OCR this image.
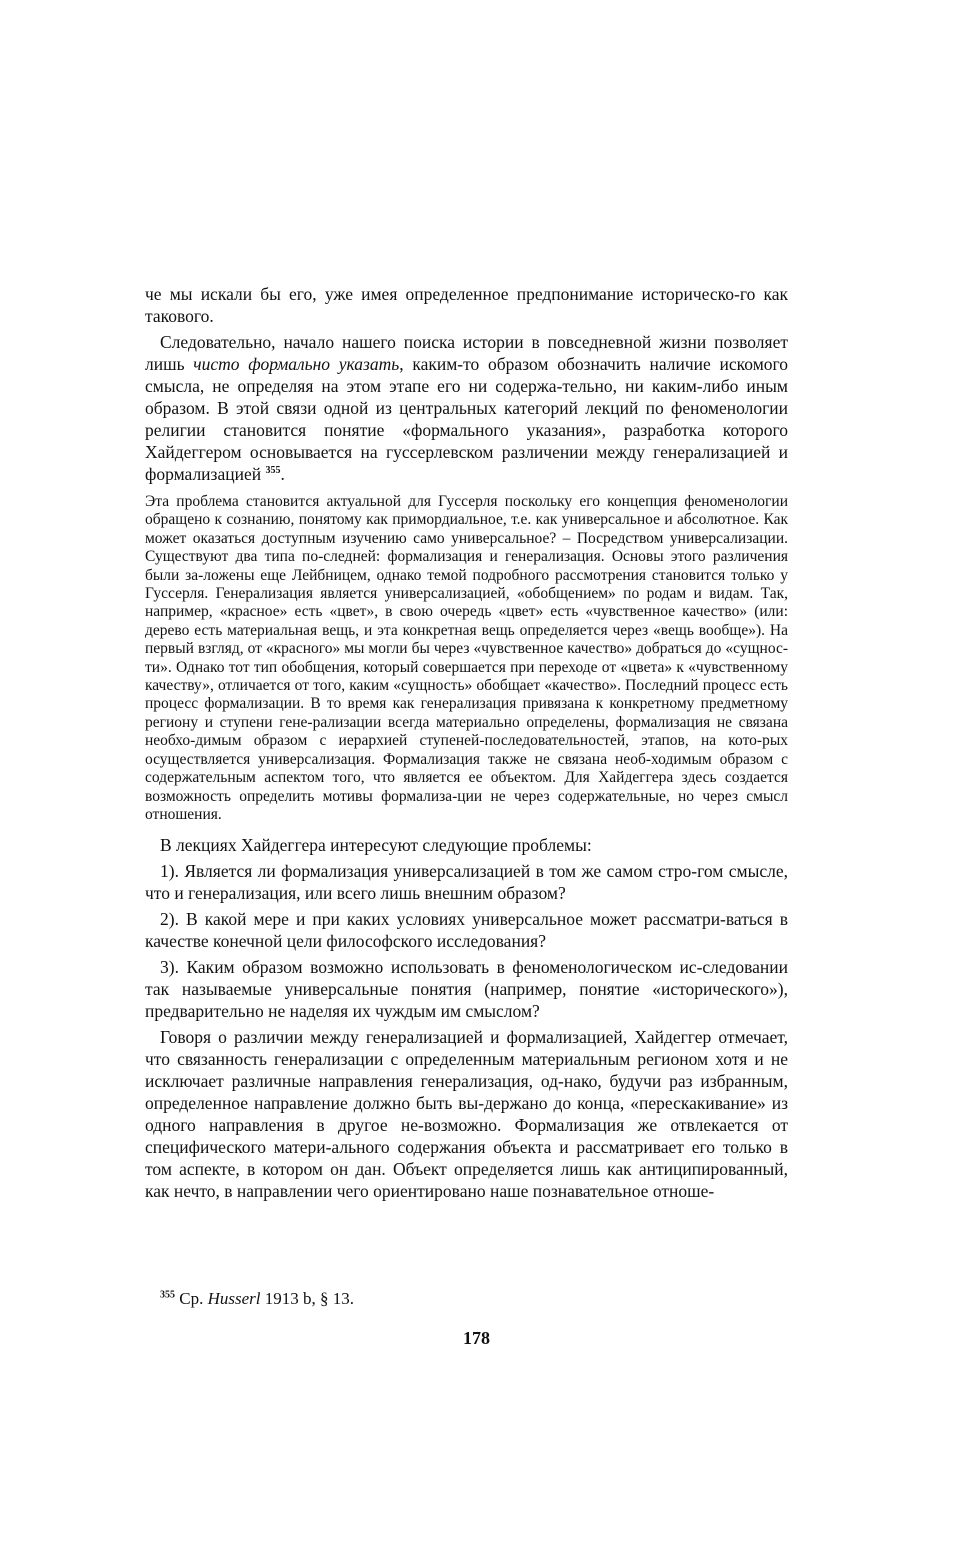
че мы искали бы его, уже имея определенное предпонимание историческо-го как такового.

Следовательно, начало нашего поиска истории в повседневной жизни позволяет лишь чисто формально указать, каким-то образом обозначить наличие искомого смысла, не определяя на этом этапе его ни содержа-тельно, ни каким-либо иным образом. В этой связи одной из центральных категорий лекций по феноменологии религии становится понятие «формального указания», разработка которого Хайдеггером основывается на гуссерлевском различении между генерализацией и формализацией $^{355}$.

Эта проблема становится актуальной для Гуссерля поскольку его концепция феноменологии обращено к сознанию, понятому как примордиальное, т.е. как универсальное и абсолютное. Как может оказаться доступным изучению само универсальное? – Посредством универсализации. Существуют два типа по-следней: формализация и генерализация. Основы этого различения были за-ложены еще Лейбницем, однако темой подробного рассмотрения становится только у Гуссерля. Генерализация является универсализацией, «обобщением» по родам и видам. Так, например, «красное» есть «цвет», в свою очередь «цвет» есть «чувственное качество» (или: дерево есть материальная вещь, и эта конкретная вещь определяется через «вещь вообще»). На первый взгляд, от «красного» мы могли бы через «чувственное качество» добраться до «сущнос-ти». Однако тот тип обобщения, который совершается при переходе от «цвета» к «чувственному качеству», отличается от того, каким «сущность» обобщает «качество». Последний процесс есть процесс формализации. В то время как генерализация привязана к конкретному предметному региону и ступени гене-рализации всегда материально определены, формализация не связана необхо-димым образом с иерархией ступеней-последовательностей, этапов, на кото-рых осуществляется универсализация. Формализация также не связана необ-ходимым образом с содержательным аспектом того, что является ее объектом. Для Хайдеггера здесь создается возможность определить мотивы формализа-ции не через содержательные, но через смысл отношения.

В лекциях Хайдеггера интересуют следующие проблемы:

1). Является ли формализация универсализацией в том же самом стро-гом смысле, что и генерализация, или всего лишь внешним образом?

2). В какой мере и при каких условиях универсальное может рассматри-ваться в качестве конечной цели философского исследования?

3). Каким образом возможно использовать в феноменологическом ис-следовании так называемые универсальные понятия (например, понятие «исторического»), предварительно не наделяя их чуждым им смыслом?

Говоря о различии между генерализацией и формализацией, Хайдеггер отмечает, что связанность генерализации с определенным материальным регионом хотя и не исключает различные направления генерализация, од-нако, будучи раз избранным, определенное направление должно быть вы-держано до конца, «перескакивание» из одного направления в другое не-возможно. Формализация же отвлекается от специфического матери-ального содержания объекта и рассматривает его только в том аспекте, в котором он дан. Объект определяется лишь как антиципированный, как нечто, в направлении чего ориентировано наше познавательное отноше-

$^{355}$ Ср. Husserl 1913 b, § 13.
178
